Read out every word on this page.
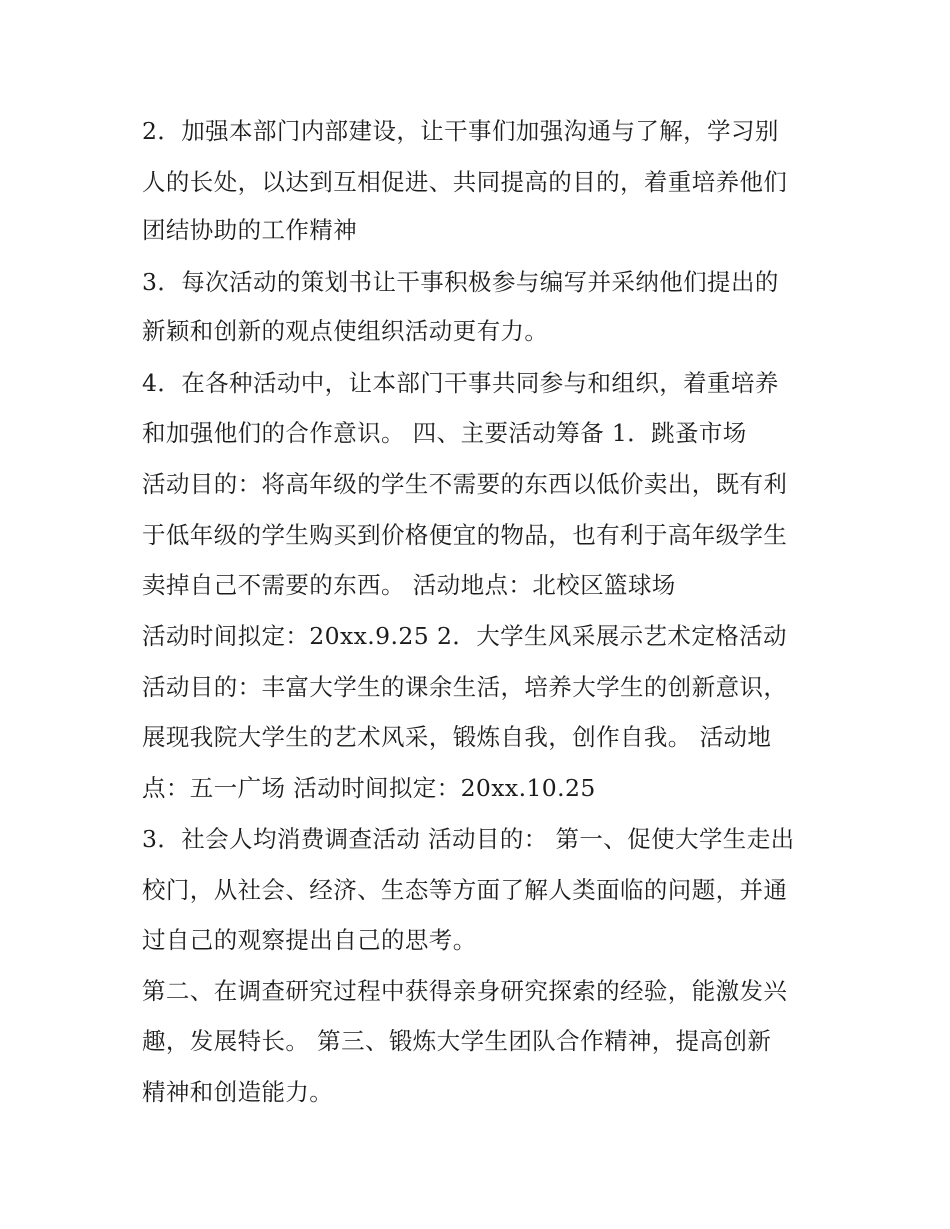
2．加强本部门内部建设，让干事们加强沟通与了解，学习别
人的长处，以达到互相促进、共同提高的目的，着重培养他们
团结协助的工作精神
3．每次活动的策划书让干事积极参与编写并采纳他们提出的
新颖和创新的观点使组织活动更有力。
4．在各种活动中，让本部门干事共同参与和组织，着重培养
和加强他们的合作意识。 四、主要活动筹备 1．跳蚤市场
活动目的：将高年级的学生不需要的东西以低价卖出，既有利
于低年级的学生购买到价格便宜的物品，也有利于高年级学生
卖掉自己不需要的东西。 活动地点：北校区篮球场
活动时间拟定：20xx.9.25 2．大学生风采展示艺术定格活动
活动目的：丰富大学生的课余生活，培养大学生的创新意识，
展现我院大学生的艺术风采，锻炼自我，创作自我。 活动地
点：五一广场 活动时间拟定：20xx.10.25
3．社会人均消费调查活动 活动目的： 第一、促使大学生走出
校门，从社会、经济、生态等方面了解人类面临的问题，并通
过自己的观察提出自己的思考。
第二、在调查研究过程中获得亲身研究探索的经验，能激发兴
趣，发展特长。 第三、锻炼大学生团队合作精神，提高创新
精神和创造能力。
